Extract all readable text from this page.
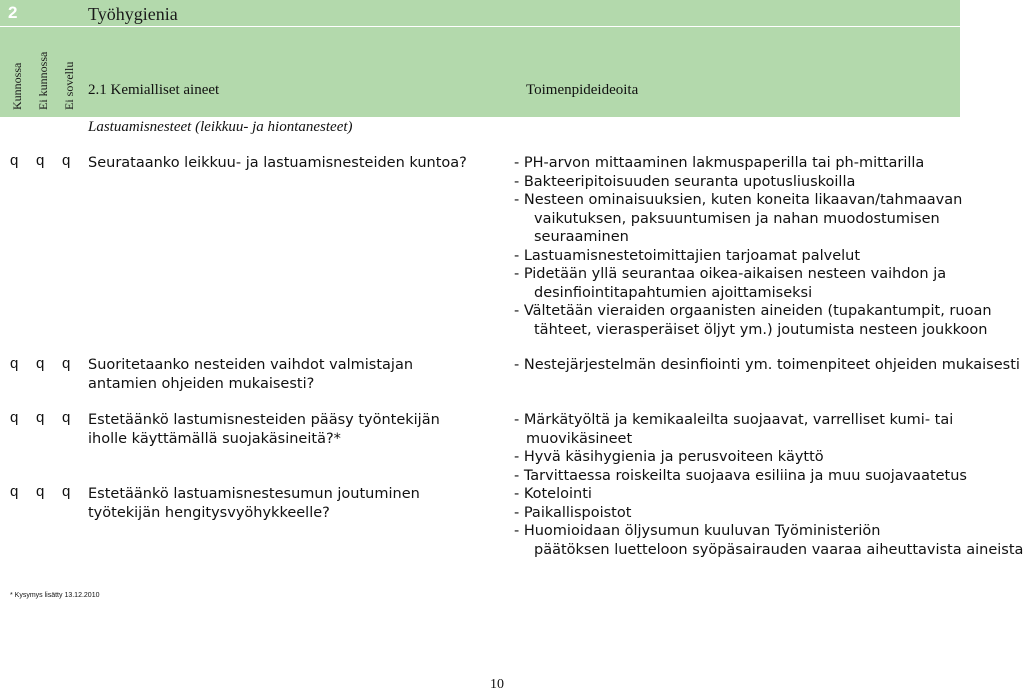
2	Työhygienia
Kunnossa Ei kunnossa Ei sovellu 2.1 Kemialliset aineet	Toimenpideideoita
Lastuamisnesteet (leikkuu- ja hiontanesteet)
q q q Seurataanko leikkuu- ja lastuamisnesteiden kuntoa?
q q q Suoritetaanko nesteiden vaihdot valmistajan antamien ohjeiden mukaisesti?
q q q Estetäänkö lastumisnesteiden pääsy työntekijän iholle käyttämällä suojakäsineitä?*
q q q Estetäänkö lastuamisnestesumun joutuminen työtekijän hengitysvyöhykkeelle?
- PH-arvon mittaaminen lakmuspaperilla tai ph-mittarilla
- Bakteeripitoisuuden seuranta upotusliuskoilla
- Nesteen ominaisuuksien, kuten koneita likaavan/tahmaavan
vaikutuksen, paksuuntumisen ja nahan muodostumisen
seuraaminen
- Lastuamisnestetoimittajien tarjoamat palvelut
- Pidetään yllä seurantaa oikea-aikaisen nesteen vaihdon ja
desinfiointitapahtumien ajoittamiseksi
- Vältetään vieraiden orgaanisten aineiden (tupakantumpit, ruoan
tähteet, vierasperäiset öljyt ym.) joutumista nesteen joukkoon
- Nestejärjestelmän desinfiointi ym. toimenpiteet ohjeiden mukaisesti
- Märkätyöltä ja kemikaaleilta suojaavat, varrelliset kumi- tai
muovikäsineet
- Hyvä käsihygienia ja perusvoiteen käyttö
- Tarvittaessa roiskeilta suojaava esiliina ja muu suojavaatetus
- Kotelointi
- Paikallispoistot
- Huomioidaan öljysumun kuuluvan Työministeriön
päätöksen luetteloon syöpäsairauden vaaraa aiheuttavista aineista
* Kysymys lisätty 13.12.2010
10
